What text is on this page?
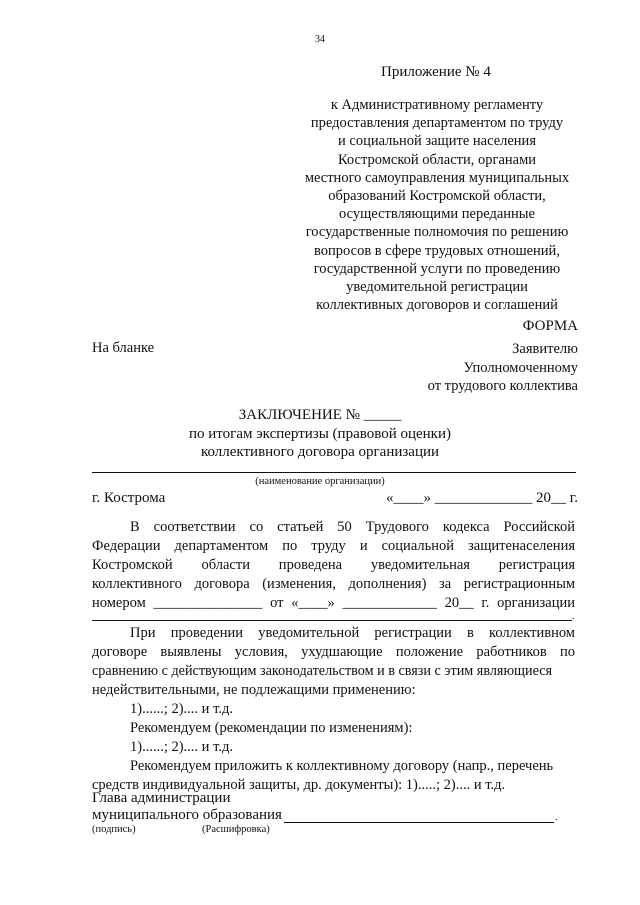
34
Приложение № 4
к Административному регламенту
предоставления департаментом по труду
и социальной защите населения
Костромской области, органами
местного самоуправления муниципальных
образований Костромской области,
осуществляющими переданные
государственные полномочия по решению
вопросов в сфере трудовых отношений,
государственной услуги по проведению
уведомительной регистрации
коллективных договоров и соглашений
ФОРМА
На бланке	Заявителю
Уполномоченному
от трудового коллектива
ЗАКЛЮЧЕНИЕ № _____
по итогам экспертизы (правовой оценки)
коллективного договора организации
(наименование организации)
г. Кострома	«____» _____________ 20__ г.
В соответствии со статьей 50 Трудового кодекса Российской
Федерации департаментом по труду и социальной защитенаселения
Костромской области проведена уведомительная регистрация
коллективного договора (изменения, дополнения) за регистрационным
номером _______________ от «____» _____________ 20__ г. организации
.
При проведении уведомительной регистрации в коллективном
договоре выявлены условия, ухудшающие положение работников по
сравнению с действующим законодательством и в связи с этим являющиеся
недействительными, не подлежащими применению:
1)......; 2).... и т.д.
Рекомендуем (рекомендации по изменениям):
1)......; 2).... и т.д.
Рекомендуем приложить к коллективному договору (напр., перечень
средств индивидуальной защиты, др. документы): 1).....; 2).... и т.д.
Глава администрации
муниципального образования	.
(подпись)	(Расшифровка)
